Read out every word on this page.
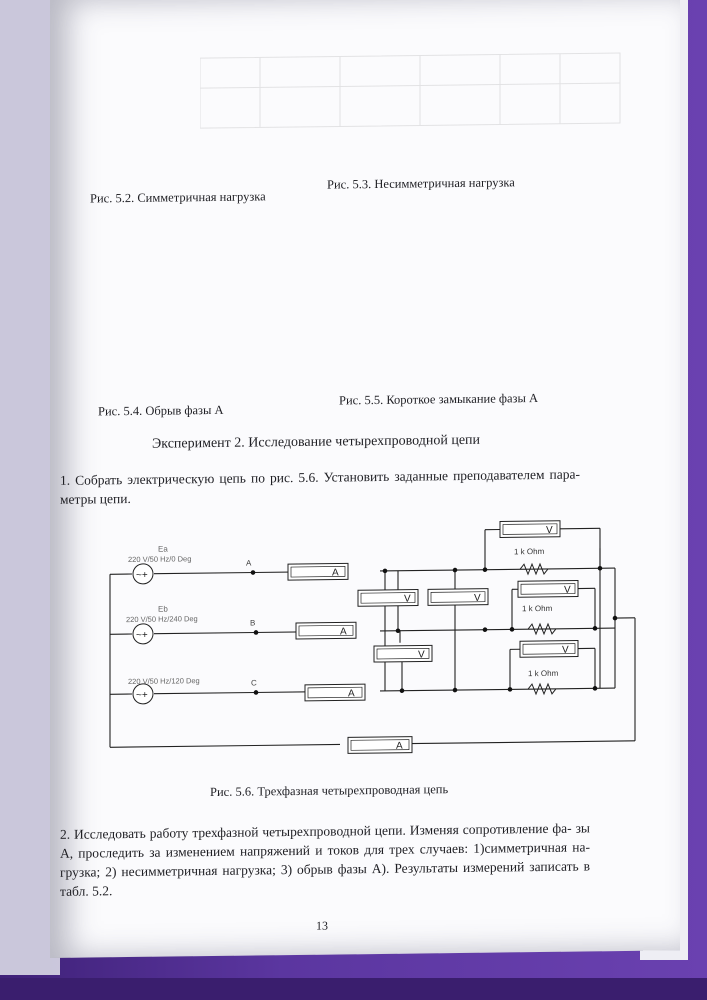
Рис. 5.2. Симметричная нагрузка
Рис. 5.3. Несимметричная нагрузка
Рис. 5.4. Обрыв фазы А
Рис. 5.5. Короткое замыкание фазы А
Эксперимент 2. Исследование четырехпроводной цепи
1. Собрать электрическую цепь по рис. 5.6. Установить заданные преподавателем пара- метры цепи.
~+
~+
~+
Ea
220 V/50 Hz/0 Deg
Eb
220 V/50 Hz/240 Deg
220 V/50 Hz/120 Deg
A
B
C
A
A
A
A
V
V
V
V	V
V
1 k Ohm
1 k Ohm
1 k Ohm
Рис. 5.6. Трехфазная четырехпроводная цепь
2. Исследовать работу трехфазной четырехпроводной цепи. Изменяя сопротивление фа- зы А, проследить за изменением напряжений и токов для трех случаев: 1)симметричная на- грузка; 2) несимметричная нагрузка; 3) обрыв фазы А). Результаты измерений записать в табл. 5.2.
13
